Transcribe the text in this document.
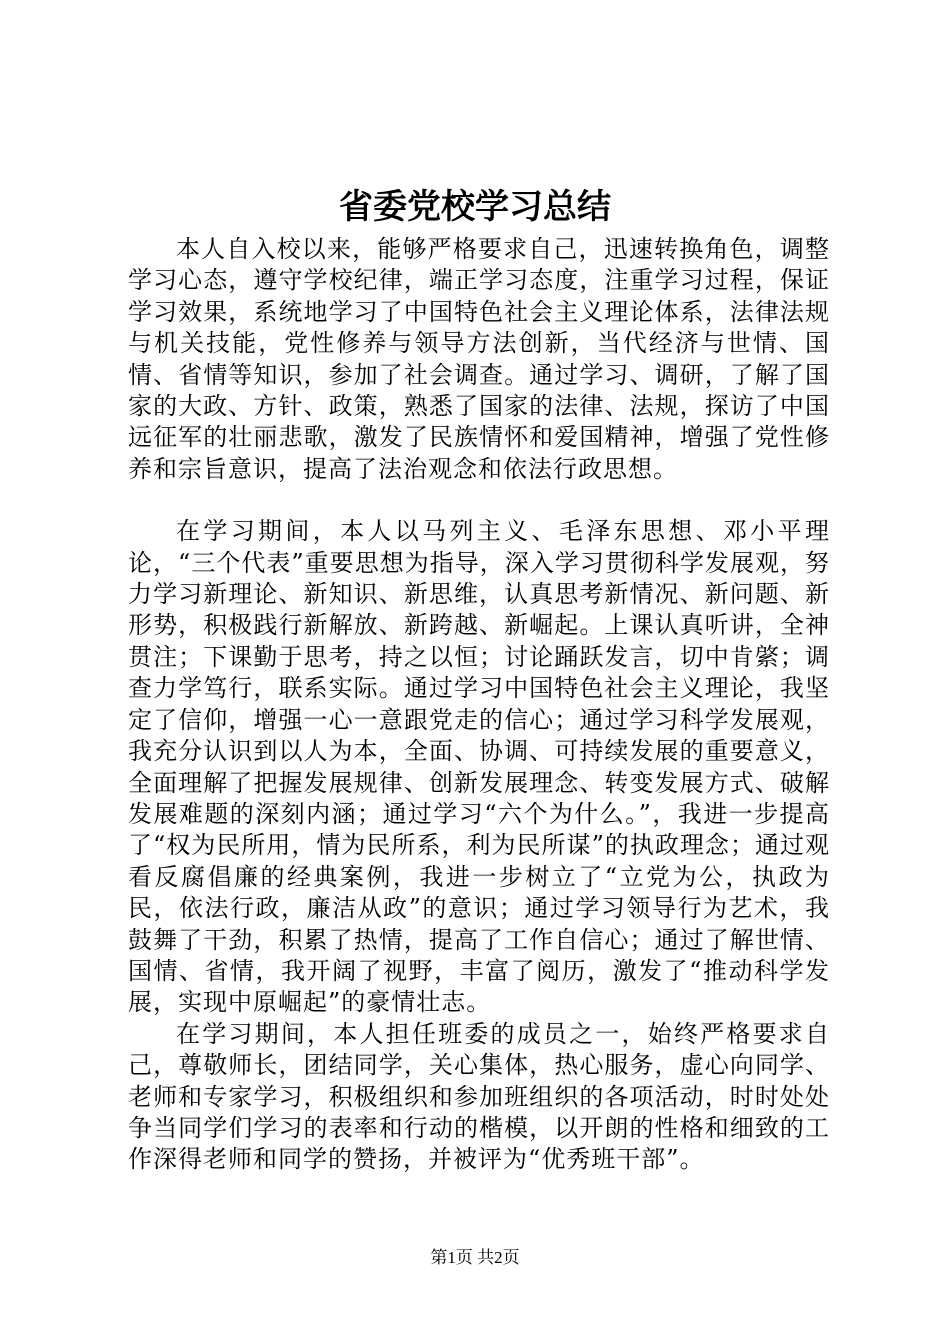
省委党校学习总结

本人自入校以来，能够严格要求自己，迅速转换角色，调整学习心态，遵守学校纪律，端正学习态度，注重学习过程，保证学习效果，系统地学习了中国特色社会主义理论体系，法律法规与机关技能，党性修养与领导方法创新，当代经济与世情、国情、省情等知识，参加了社会调查。通过学习、调研，了解了国家的大政、方针、政策，熟悉了国家的法律、法规，探访了中国远征军的壮丽悲歌，激发了民族情怀和爱国精神，增强了党性修养和宗旨意识，提高了法治观念和依法行政思想。

在学习期间，本人以马列主义、毛泽东思想、邓小平理论，“三个代表”重要思想为指导，深入学习贯彻科学发展观，努力学习新理论、新知识、新思维，认真思考新情况、新问题、新形势，积极践行新解放、新跨越、新崛起。上课认真听讲，全神贯注；下课勤于思考，持之以恒；讨论踊跃发言，切中肯綮；调查力学笃行，联系实际。通过学习中国特色社会主义理论，我坚定了信仰，增强一心一意跟党走的信心；通过学习科学发展观，我充分认识到以人为本，全面、协调、可持续发展的重要意义，全面理解了把握发展规律、创新发展理念、转变发展方式、破解发展难题的深刻内涵；通过学习“六个为什么。”，我进一步提高了“权为民所用，情为民所系，利为民所谋”的执政理念；通过观看反腐倡廉的经典案例，我进一步树立了“立党为公，执政为民，依法行政，廉洁从政”的意识；通过学习领导行为艺术，我鼓舞了干劲，积累了热情，提高了工作自信心；通过了解世情、国情、省情，我开阔了视野，丰富了阅历，激发了“推动科学发展，实现中原崛起”的豪情壮志。

在学习期间，本人担任班委的成员之一，始终严格要求自己，尊敬师长，团结同学，关心集体，热心服务，虚心向同学、老师和专家学习，积极组织和参加班组织的各项活动，时时处处争当同学们学习的表率和行动的楷模，以开朗的性格和细致的工作深得老师和同学的赞扬，并被评为“优秀班干部”。

第1页 共2页
